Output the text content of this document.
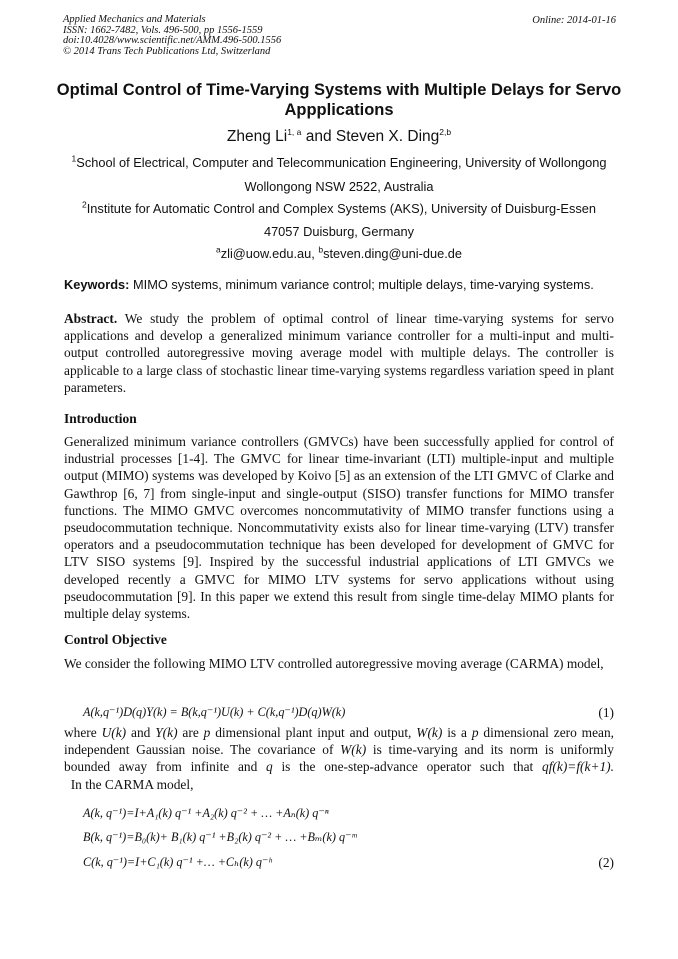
Applied Mechanics and Materials
ISSN: 1662-7482, Vols. 496-500, pp 1556-1559
doi:10.4028/www.scientific.net/AMM.496-500.1556
© 2014 Trans Tech Publications Ltd, Switzerland
Online: 2014-01-16
Optimal Control of Time-Varying Systems with Multiple Delays for Servo
Appplications
Zheng Li$^{1, a}$ and Steven X. Ding$^{2,b}$
$^1$School of Electrical, Computer and Telecommunication Engineering, University of Wollongong
Wollongong NSW 2522, Australia
$^2$Institute for Automatic Control and Complex Systems (AKS), University of Duisburg-Essen
47057 Duisburg, Germany
$^a$zli@uow.edu.au, $^b$steven.ding@uni-due.de
Keywords: MIMO systems, minimum variance control; multiple delays, time-varying systems.
Abstract. We study the problem of optimal control of linear time-varying systems for servo applications and develop a generalized minimum variance controller for a multi-input and multi-output controlled autoregressive moving average model with multiple delays. The controller is applicable to a large class of stochastic linear time-varying systems regardless variation speed in plant parameters.
Introduction
Generalized minimum variance controllers (GMVCs) have been successfully applied for control of industrial processes [1-4]. The GMVC for linear time-invariant (LTI) multiple-input and multiple output (MIMO) systems was developed by Koivo [5] as an extension of the LTI GMVC of Clarke and Gawthrop [6, 7] from single-input and single-output (SISO) transfer functions for MIMO transfer functions. The MIMO GMVC overcomes noncommutativity of MIMO transfer functions using a pseudocommutation technique. Noncommutativity exists also for linear time-varying (LTV) transfer operators and a pseudocommutation technique has been developed for development of GMVC for LTV SISO systems [9]. Inspired by the successful industrial applications of LTI GMVCs we developed recently a GMVC for MIMO LTV systems for servo applications without using pseudocommutation [9]. In this paper we extend this result from single time-delay MIMO plants for multiple delay systems.
Control Objective
We consider the following MIMO LTV controlled autoregressive moving average (CARMA) model,
A(k,q⁻¹)D(q)Y(k) = B(k,q⁻¹)U(k) + C(k,q⁻¹)D(q)W(k)	(1)
where U(k) and Y(k) are p dimensional plant input and output, W(k) is a p dimensional zero mean, independent Gaussian noise. The covariance of W(k) is time-varying and its norm is uniformly bounded away from infinite and q is the one-step-advance operator such that qf(k)=f(k+1).  In the CARMA model,
A(k, q⁻¹)=I+A₁(k) q⁻¹ +A₂(k) q⁻² + … +Aₙ(k) q⁻ⁿ
B(k, q⁻¹)=B₀(k)+ B₁(k) q⁻¹ +B₂(k) q⁻² + … +Bₘ(k) q⁻ᵐ
C(k, q⁻¹)=I+C₁(k) q⁻¹ +… +Cₕ(k) q⁻ʰ	(2)
